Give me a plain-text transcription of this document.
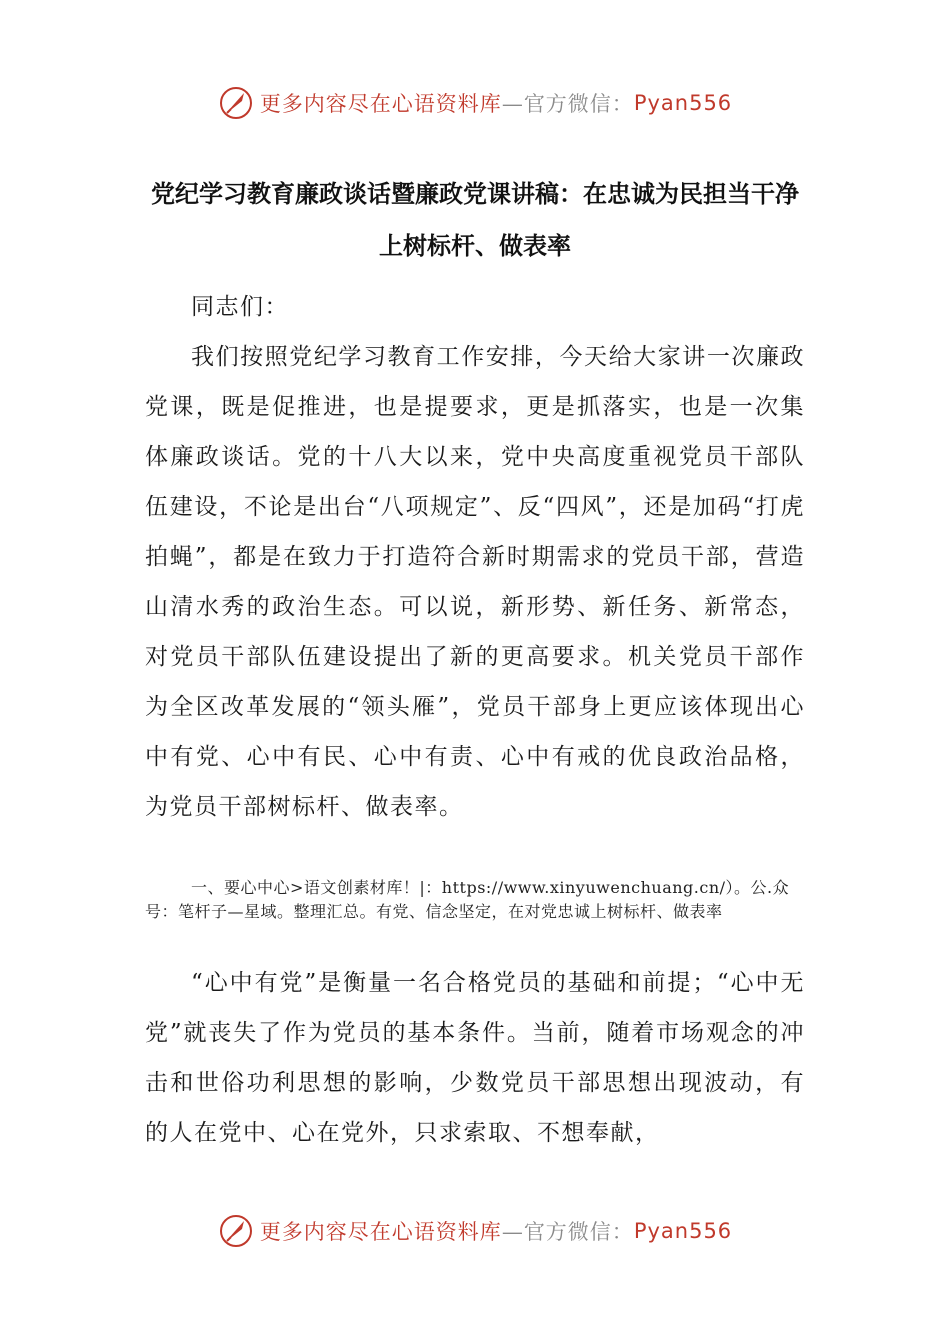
更多内容尽在心语资料库 —官方微信： Pyan556
党纪学习教育廉政谈话暨廉政党课讲稿：在忠诚为民担当干净上树标杆、做表率

同志们：

我们按照党纪学习教育工作安排，今天给大家讲一次廉政党课，既是促推进，也是提要求，更是抓落实，也是一次集体廉政谈话。党的十八大以来，党中央高度重视党员干部队伍建设，不论是出台“八项规定”、反“四风”，还是加码“打虎拍蝇”，都是在致力于打造符合新时期需求的党员干部，营造山清水秀的政治生态。可以说，新形势、新任务、新常态，对党员干部队伍建设提出了新的更高要求。机关党员干部作为全区改革发展的“领头雁”，党员干部身上更应该体现出心中有党、心中有民、心中有责、心中有戒的优良政治品格，为党员干部树标杆、做表率。

一、要心中心>语文创素材库！|：https://www.xinyuwenchuang.cn/）。公.众号：笔杆子—星域。整理汇总。有党、信念坚定，在对党忠诚上树标杆、做表率

“心中有党”是衡量一名合格党员的基础和前提；“心中无党”就丧失了作为党员的基本条件。当前，随着市场观念的冲击和世俗功利思想的影响，少数党员干部思想出现波动，有的人在党中、心在党外，只求索取、不想奉献，

更多内容尽在心语资料库 —官方微信： Pyan556
